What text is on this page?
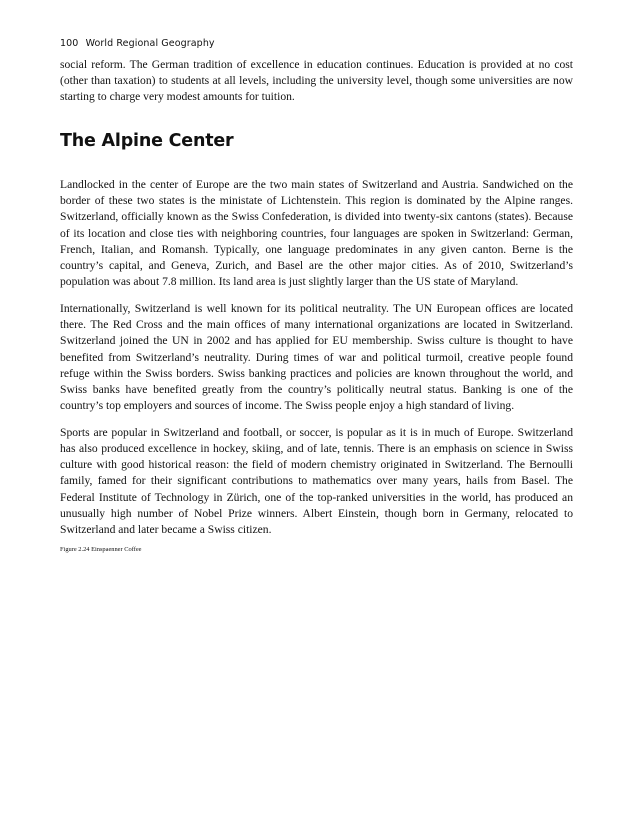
100 World Regional Geography

social reform. The German tradition of excellence in education continues. Education is provided at no cost (other than taxation) to students at all levels, including the university level, though some universities are now starting to charge very modest amounts for tuition.

The Alpine Center

Landlocked in the center of Europe are the two main states of Switzerland and Austria. Sandwiched on the border of these two states is the ministate of Lichtenstein. This region is dominated by the Alpine ranges. Switzerland, officially known as the Swiss Confederation, is divided into twenty-six cantons (states). Because of its location and close ties with neighboring countries, four languages are spoken in Switzerland: German, French, Italian, and Romansh. Typically, one language predominates in any given canton. Berne is the country’s capital, and Geneva, Zurich, and Basel are the other major cities. As of 2010, Switzerland’s population was about 7.8 million. Its land area is just slightly larger than the US state of Maryland.

Internationally, Switzerland is well known for its political neutrality. The UN European offices are located there. The Red Cross and the main offices of many international organizations are located in Switzerland. Switzerland joined the UN in 2002 and has applied for EU membership. Swiss culture is thought to have benefited from Switzerland’s neutrality. During times of war and political turmoil, creative people found refuge within the Swiss borders. Swiss banking practices and policies are known throughout the world, and Swiss banks have benefited greatly from the country’s politically neutral status. Banking is one of the country’s top employers and sources of income. The Swiss people enjoy a high standard of living.

Sports are popular in Switzerland and football, or soccer, is popular as it is in much of Europe. Switzerland has also produced excellence in hockey, skiing, and of late, tennis. There is an emphasis on science in Swiss culture with good historical reason: the field of modern chemistry originated in Switzerland. The Bernoulli family, famed for their significant contributions to mathematics over many years, hails from Basel. The Federal Institute of Technology in Zürich, one of the top-ranked universities in the world, has produced an unusually high number of Nobel Prize winners. Albert Einstein, though born in Germany, relocated to Switzerland and later became a Swiss citizen.

Figure 2.24 Einspaenner Coffee
